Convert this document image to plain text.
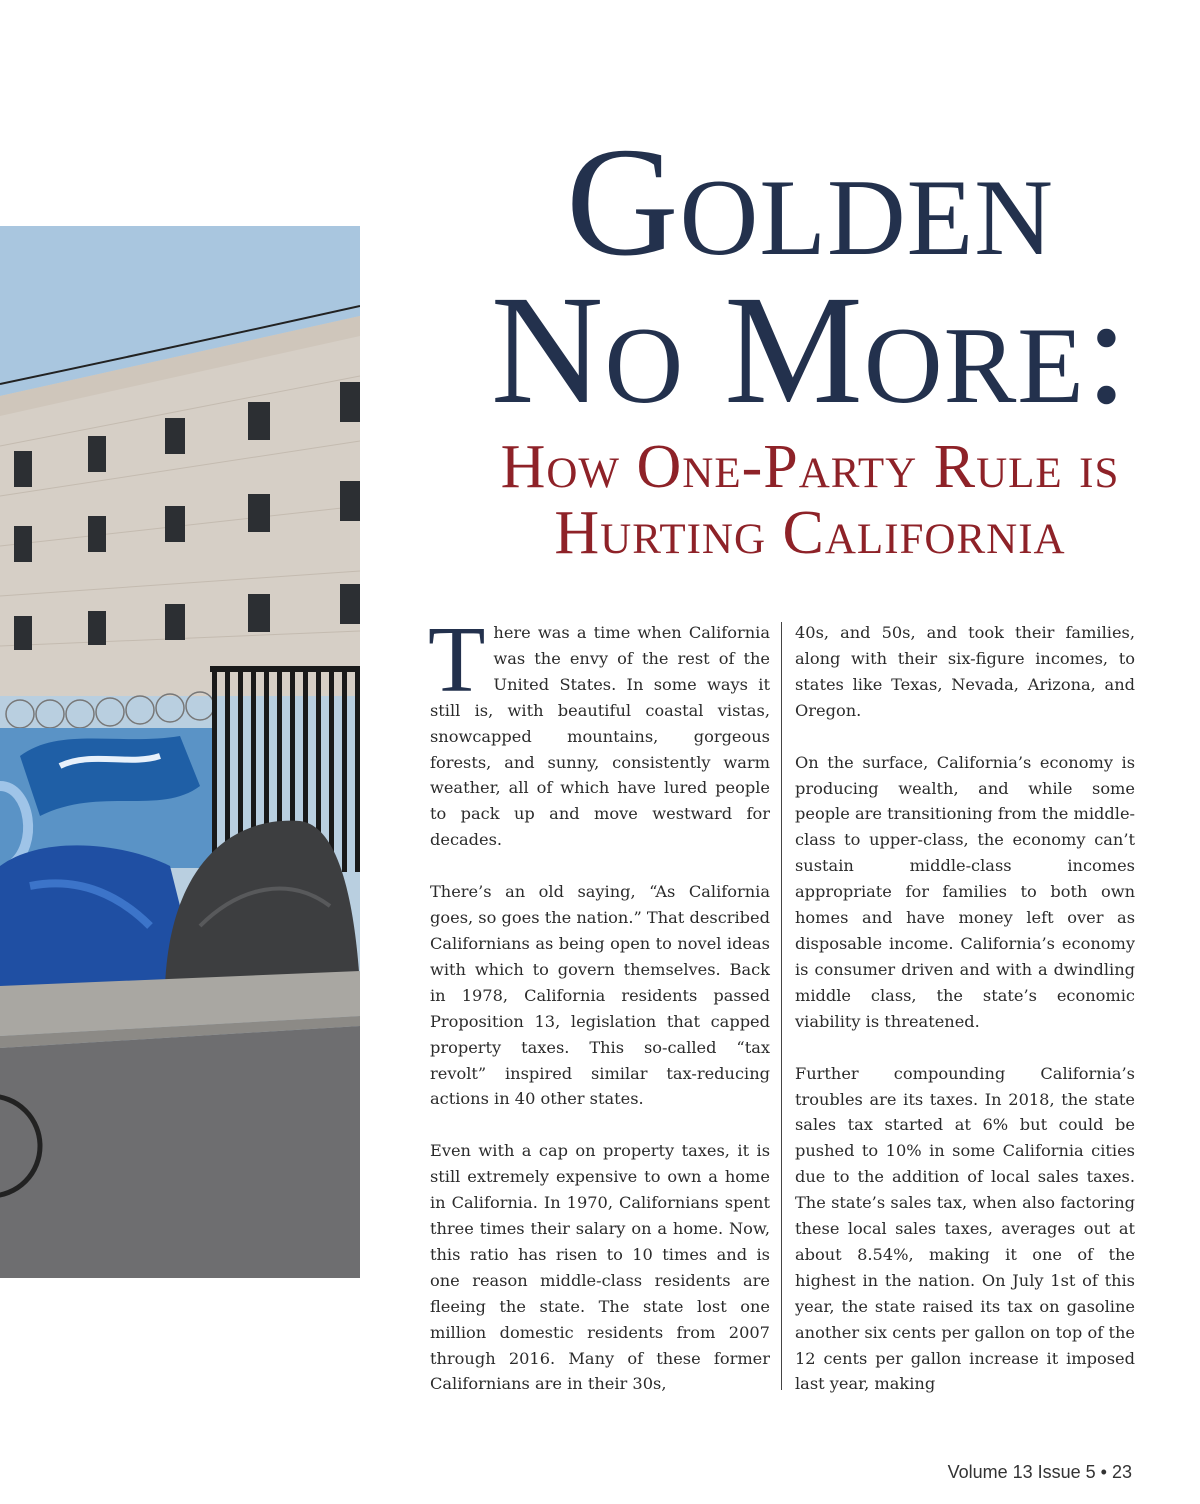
Golden
No More:
How One-Party Rule is
Hurting California

There was a time when California was the envy of the rest of the United States. In some ways it still is, with beautiful coastal vistas, snowcapped mountains, gorgeous forests, and sunny, consistently warm weather, all of which have lured people to pack up and move westward for decades.

There’s an old saying, “As California goes, so goes the nation.” That described Californians as being open to novel ideas with which to govern themselves. Back in 1978, California residents passed Proposition 13, legislation that capped property taxes. This so-called “tax revolt” inspired similar tax-reducing actions in 40 other states.

Even with a cap on property taxes, it is still extremely expensive to own a home in California. In 1970, Californians spent three times their salary on a home. Now, this ratio has risen to 10 times and is one reason middle-class residents are fleeing the state. The state lost one million domestic residents from 2007 through 2016. Many of these former Californians are in their 30s,

40s, and 50s, and took their families, along with their six-figure incomes, to states like Texas, Nevada, Arizona, and Oregon.

On the surface, California’s economy is producing wealth, and while some people are transitioning from the middle-class to upper-class, the economy can’t sustain middle-class incomes appropriate for families to both own homes and have money left over as disposable income. California’s economy is consumer driven and with a dwindling middle class, the state’s economic viability is threatened.

Further compounding California’s troubles are its taxes. In 2018, the state sales tax started at 6% but could be pushed to 10% in some California cities due to the addition of local sales taxes. The state’s sales tax, when also factoring these local sales taxes, averages out at about 8.54%, making it one of the highest in the nation. On July 1st of this year, the state raised its tax on gasoline another six cents per gallon on top of the 12 cents per gallon increase it imposed last year, making

Volume 13 Issue 5 • 23
